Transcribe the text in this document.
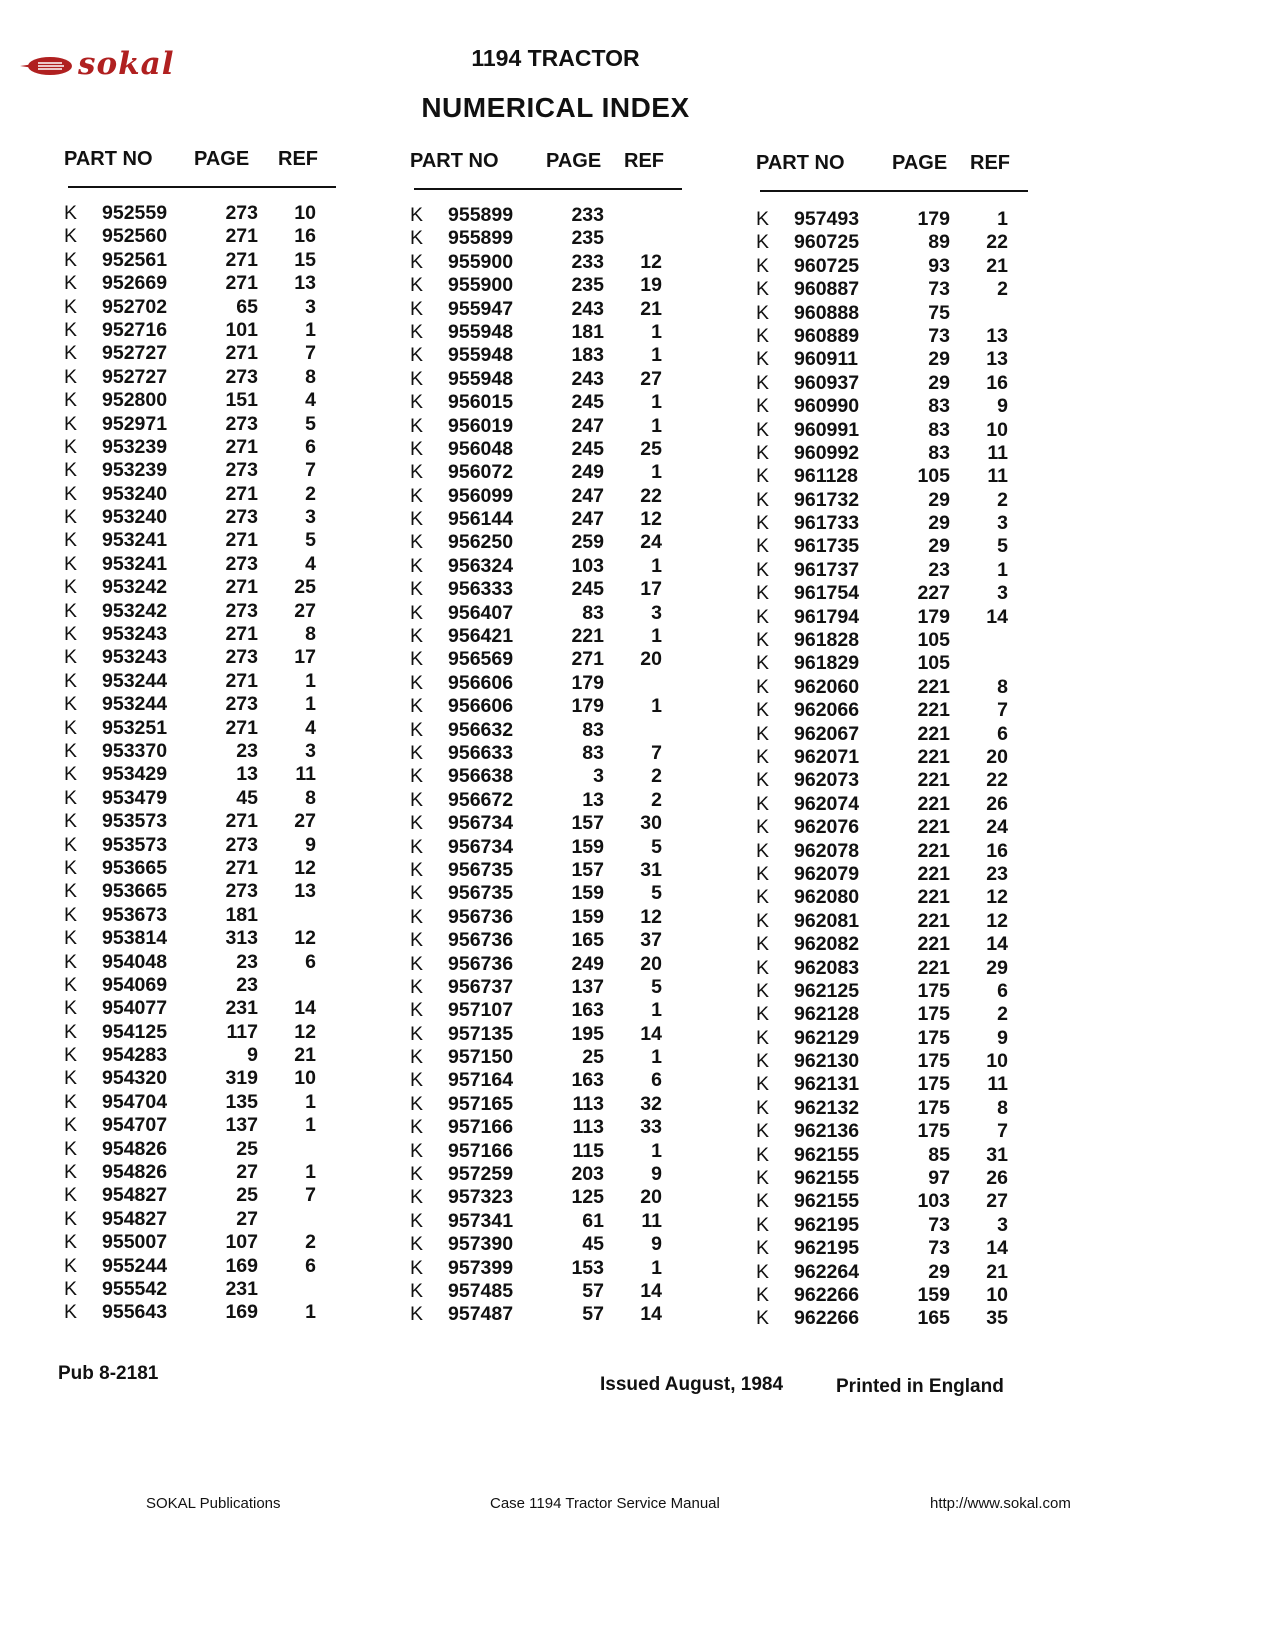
sokal	1194 TRACTOR
NUMERICAL INDEX
PART NO PAGE REF
K 952559	273	10
K 952560	271	16
K 952561	271	15
K 952669	271	13
K 952702	65	3
K 952716	101	1
K 952727	271	7
K 952727	273	8
K 952800	151	4
K 952971	273	5
K 953239	271	6
K 953239	273	7
K 953240	271	2
K 953240	273	3
K 953241	271	5
K 953241	273	4
K 953242	271	25
K 953242	273	27
K 953243	271	8
K 953243	273	17
K 953244	271	1
K 953244	273	1
K 953251	271	4
K 953370	23	3
K 953429	13	11
K 953479	45	8
K 953573	271	27
K 953573	273	9
K 953665	271	12
K 953665	273	13
K 953673	181
K 953814	313	12
K 954048	23	6
K 954069	23
K 954077	231	14
K 954125	117	12
K 954283	9	21
K 954320	319	10
K 954704	135	1
K 954707	137	1
K 954826	25
K 954826	27	1
K 954827	25	7
K 954827	27
K 955007	107	2
K 955244	169	6
K 955542	231
K 955643	169	1
PART NO PAGE REF
K 955899	233
K 955899	235
K 955900	233	12
K 955900	235	19
K 955947	243	21
K 955948	181	1
K 955948	183	1
K 955948	243	27
K 956015	245	1
K 956019	247	1
K 956048	245	25
K 956072	249	1
K 956099	247	22
K 956144	247	12
K 956250	259	24
K 956324	103	1
K 956333	245	17
K 956407	83	3
K 956421	221	1
K 956569	271	20
K 956606	179
K 956606	179	1
K 956632	83
K 956633	83	7
K 956638	3	2
K 956672	13	2
K 956734	157	30
K 956734	159	5
K 956735	157	31
K 956735	159	5
K 956736	159	12
K 956736	165	37
K 956736	249	20
K 956737	137	5
K 957107	163	1
K 957135	195	14
K 957150	25	1
K 957164	163	6
K 957165	113	32
K 957166	113	33
K 957166	115	1
K 957259	203	9
K 957323	125	20
K 957341	61	11
K 957390	45	9
K 957399	153	1
K 957485	57	14
K 957487	57	14
PART NO PAGE REF
K 957493	179	1
K 960725	89	22
K 960725	93	21
K 960887	73	2
K 960888	75
K 960889	73	13
K 960911	29	13
K 960937	29	16
K 960990	83	9
K 960991	83	10
K 960992	83	11
K 961128	105	11
K 961732	29	2
K 961733	29	3
K 961735	29	5
K 961737	23	1
K 961754	227	3
K 961794	179	14
K 961828	105
K 961829	105
K 962060	221	8
K 962066	221	7
K 962067	221	6
K 962071	221	20
K 962073	221	22
K 962074	221	26
K 962076	221	24
K 962078	221	16
K 962079	221	23
K 962080	221	12
K 962081	221	12
K 962082	221	14
K 962083	221	29
K 962125	175	6
K 962128	175	2
K 962129	175	9
K 962130	175	10
K 962131	175	11
K 962132	175	8
K 962136	175	7
K 962155	85	31
K 962155	97	26
K 962155	103	27
K 962195	73	3
K 962195	73	14
K 962264	29	21
K 962266	159	10
K 962266	165	35
Pub 8-2181
Issued August, 1984	Printed in England
SOKAL Publications	Case 1194 Tractor Service Manual	http://www.sokal.com
